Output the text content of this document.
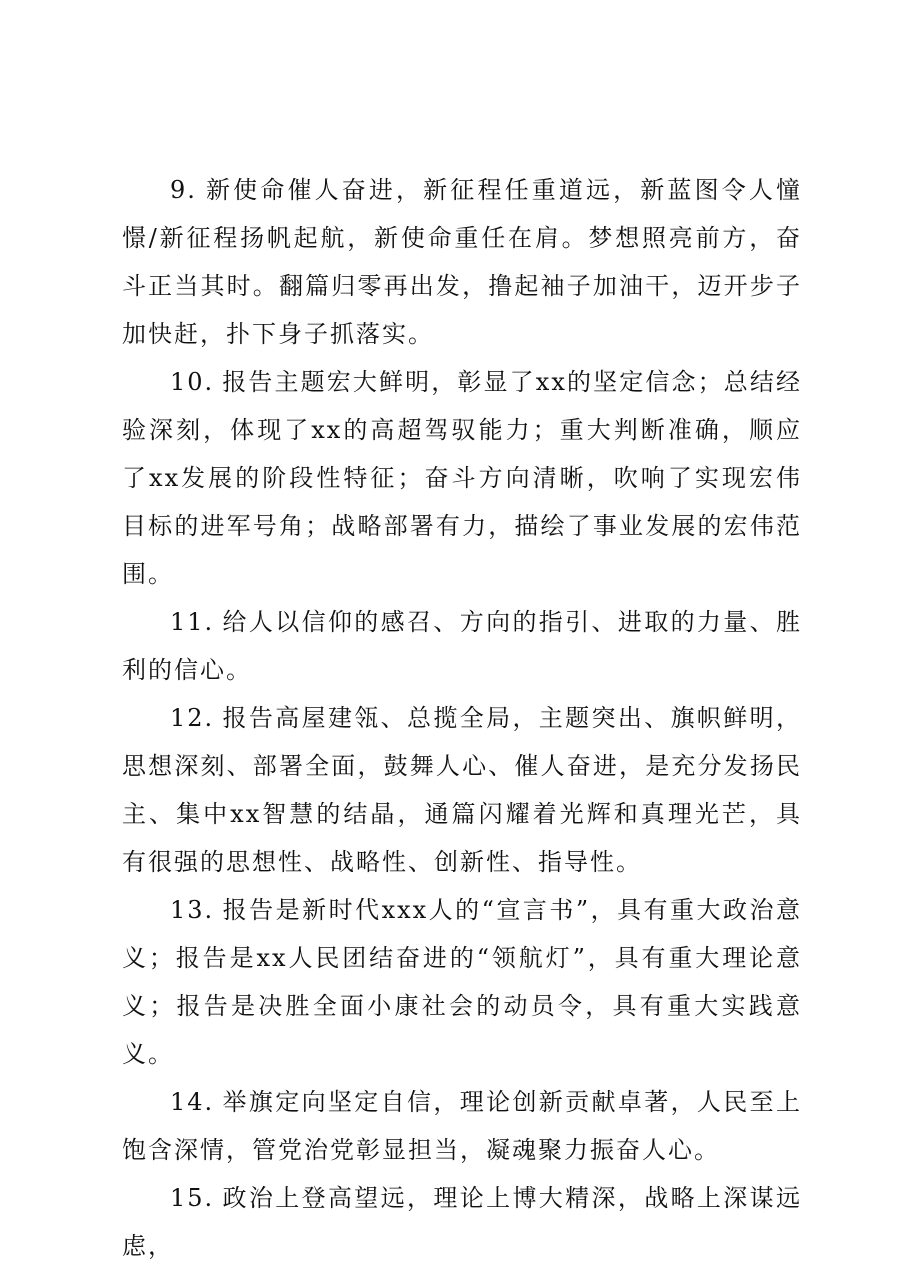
9. 新使命催人奋进，新征程任重道远，新蓝图令人憧憬/新征程扬帆起航，新使命重任在肩。梦想照亮前方，奋斗正当其时。翻篇归零再出发，撸起袖子加油干，迈开步子加快赶，扑下身子抓落实。

10. 报告主题宏大鲜明，彰显了xx的坚定信念；总结经验深刻，体现了xx的高超驾驭能力；重大判断准确，顺应了xx发展的阶段性特征；奋斗方向清晰，吹响了实现宏伟目标的进军号角；战略部署有力，描绘了事业发展的宏伟范围。

11. 给人以信仰的感召、方向的指引、进取的力量、胜利的信心。

12. 报告高屋建瓴、总揽全局，主题突出、旗帜鲜明，思想深刻、部署全面，鼓舞人心、催人奋进，是充分发扬民主、集中xx智慧的结晶，通篇闪耀着光辉和真理光芒，具有很强的思想性、战略性、创新性、指导性。

13. 报告是新时代xxx人的“宣言书”，具有重大政治意义；报告是xx人民团结奋进的“领航灯”，具有重大理论意义；报告是决胜全面小康社会的动员令，具有重大实践意义。

14. 举旗定向坚定自信，理论创新贡献卓著，人民至上饱含深情，管党治党彰显担当，凝魂聚力振奋人心。

15. 政治上登高望远，理论上博大精深，战略上深谋远虑，
